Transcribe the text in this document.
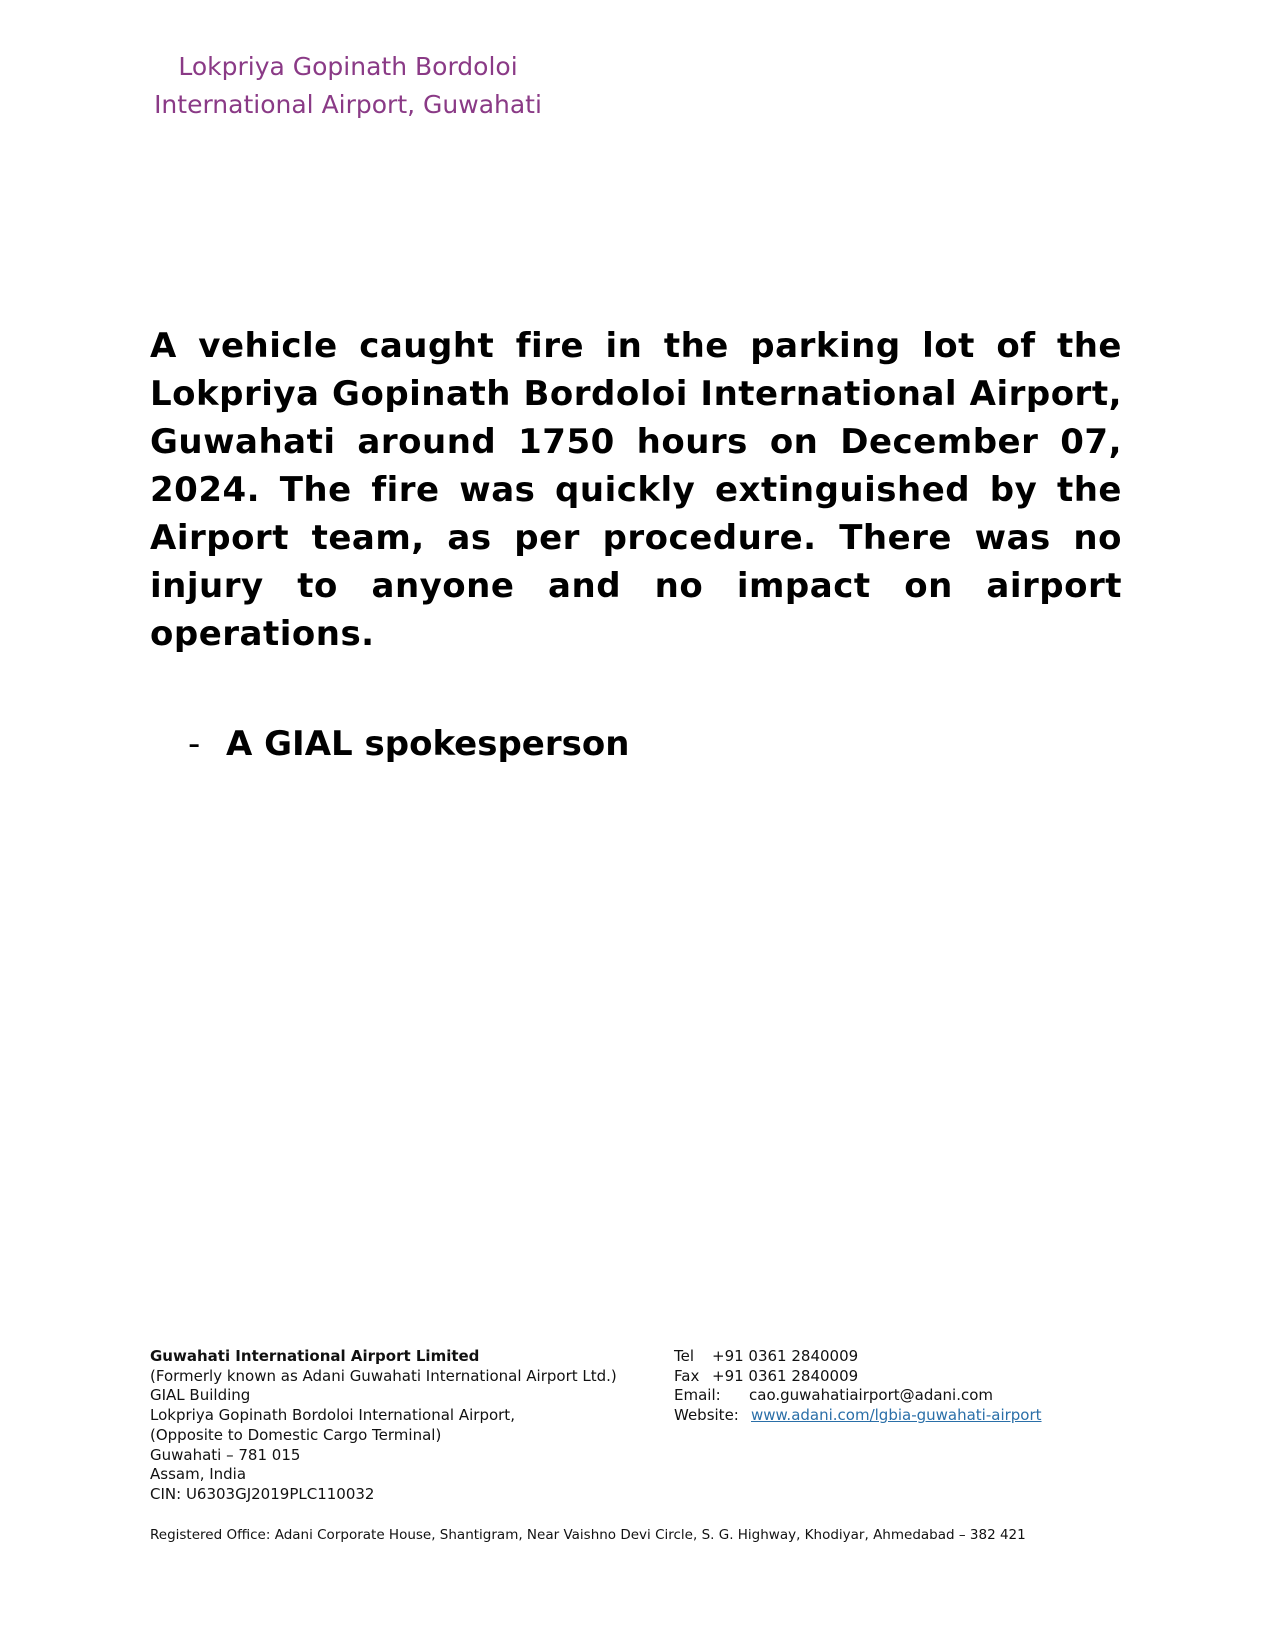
Lokpriya Gopinath Bordoloi
International Airport, Guwahati

A vehicle caught fire in the parking lot of the Lokpriya Gopinath Bordoloi International Airport, Guwahati around 1750 hours on December 07, 2024. The fire was quickly extinguished by the Airport team, as per procedure. There was no injury to anyone and no impact on airport operations.

- A GIAL spokesperson
Guwahati International Airport Limited
(Formerly known as Adani Guwahati International Airport Ltd.)
GIAL Building
Lokpriya Gopinath Bordoloi International Airport,
(Opposite to Domestic Cargo Terminal)
Guwahati – 781 015
Assam, India
CIN: U6303GJ2019PLC110032
Tel +91 0361 2840009
Fax +91 0361 2840009
Email: cao.guwahatiairport@adani.com
Website: www.adani.com/lgbia-guwahati-airport
Registered Office: Adani Corporate House, Shantigram, Near Vaishno Devi Circle, S. G. Highway, Khodiyar, Ahmedabad – 382 421
